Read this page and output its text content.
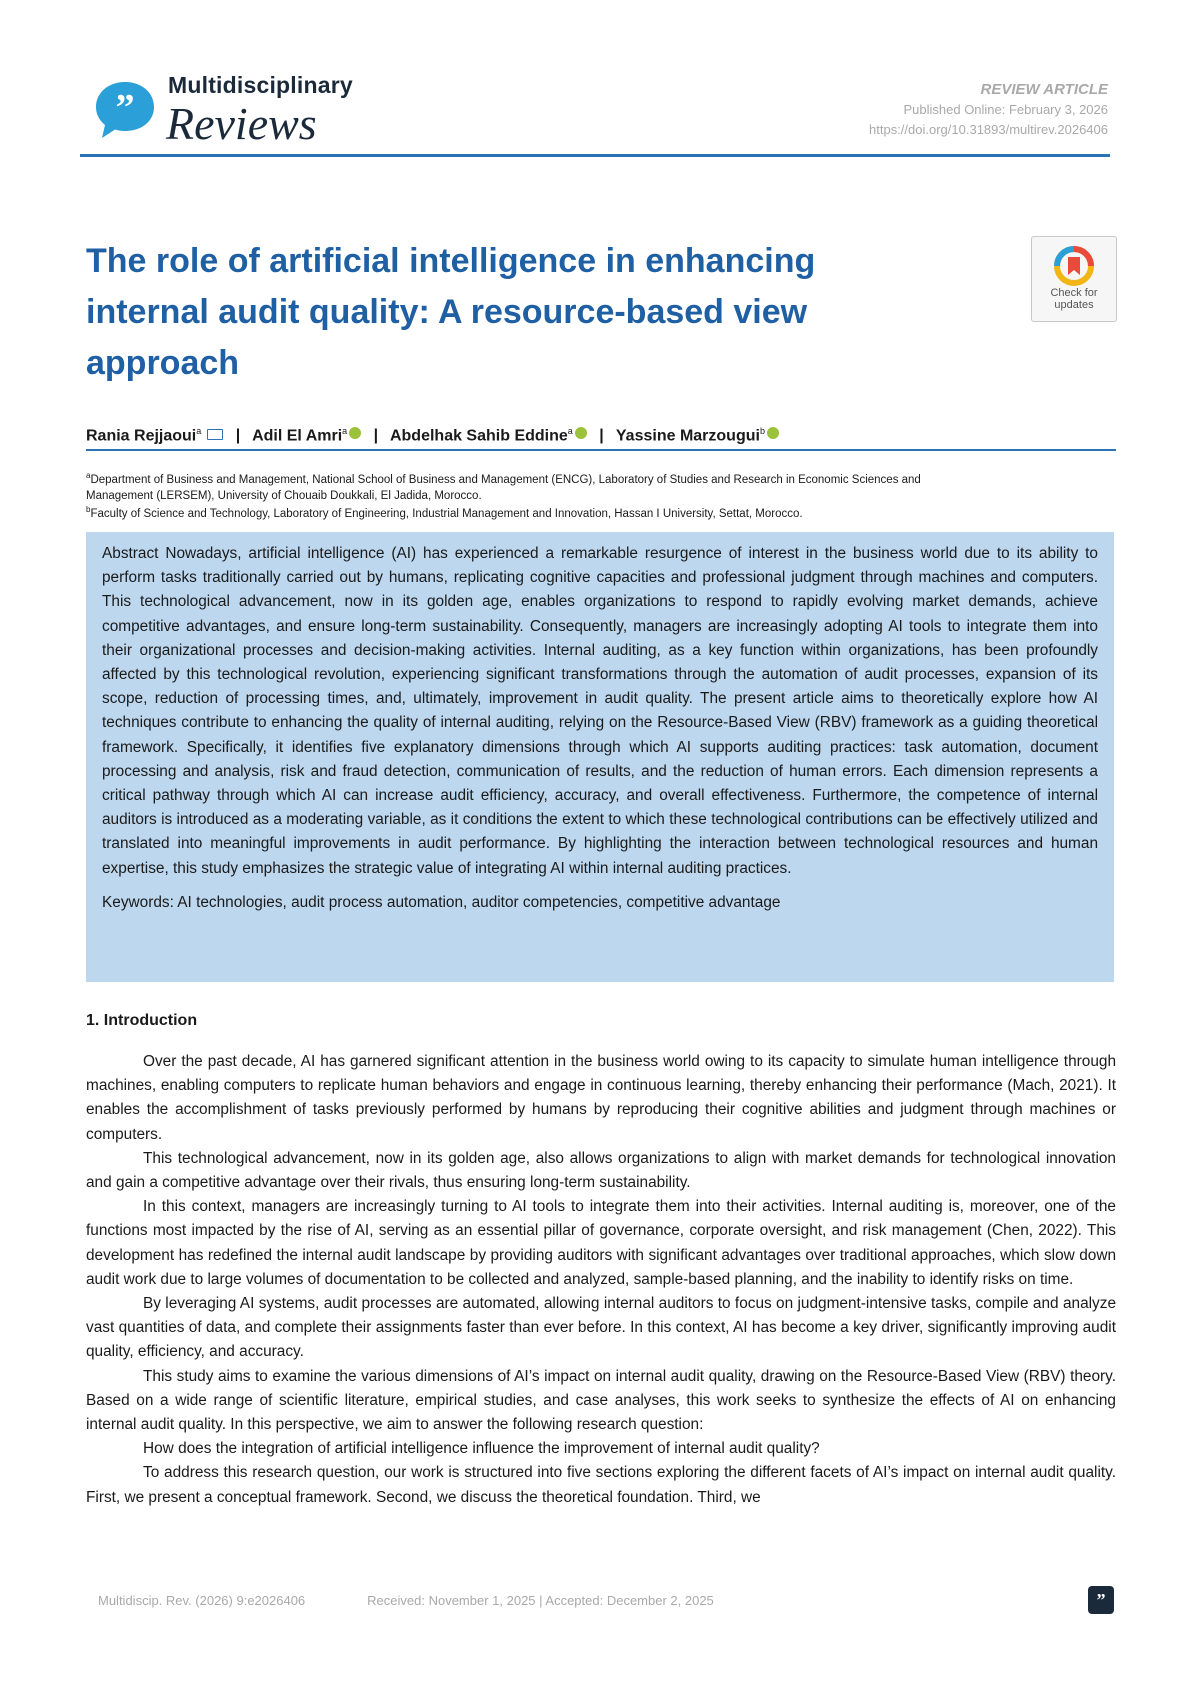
”
Multidisciplinary
Reviews
REVIEW ARTICLE
Published Online: February 3, 2026
https://doi.org/10.31893/multirev.2026406
The role of artificial intelligence in enhancing internal audit quality: A resource-based view approach
Check for
updates
Rania Rejjaoui$^a$ | Adil El Amri$^a$ | Abdelhak Sahib Eddine$^a$ | Yassine Marzougui$^b$
$^a$Department of Business and Management, National School of Business and Management (ENCG), Laboratory of Studies and Research in Economic Sciences and
Management (LERSEM), University of Chouaib Doukkali, El Jadida, Morocco.
$^b$Faculty of Science and Technology, Laboratory of Engineering, Industrial Management and Innovation, Hassan I University, Settat, Morocco.
Abstract Nowadays, artificial intelligence (AI) has experienced a remarkable resurgence of interest in the business world due to its ability to perform tasks traditionally carried out by humans, replicating cognitive capacities and professional judgment through machines and computers. This technological advancement, now in its golden age, enables organizations to respond to rapidly evolving market demands, achieve competitive advantages, and ensure long-term sustainability. Consequently, managers are increasingly adopting AI tools to integrate them into their organizational processes and decision-making activities. Internal auditing, as a key function within organizations, has been profoundly affected by this technological revolution, experiencing significant transformations through the automation of audit processes, expansion of its scope, reduction of processing times, and, ultimately, improvement in audit quality. The present article aims to theoretically explore how AI techniques contribute to enhancing the quality of internal auditing, relying on the Resource-Based View (RBV) framework as a guiding theoretical framework. Specifically, it identifies five explanatory dimensions through which AI supports auditing practices: task automation, document processing and analysis, risk and fraud detection, communication of results, and the reduction of human errors. Each dimension represents a critical pathway through which AI can increase audit efficiency, accuracy, and overall effectiveness. Furthermore, the competence of internal auditors is introduced as a moderating variable, as it conditions the extent to which these technological contributions can be effectively utilized and translated into meaningful improvements in audit performance. By highlighting the interaction between technological resources and human expertise, this study emphasizes the strategic value of integrating AI within internal auditing practices.
Keywords: AI technologies, audit process automation, auditor competencies, competitive advantage
1. Introduction

Over the past decade, AI has garnered significant attention in the business world owing to its capacity to simulate human intelligence through machines, enabling computers to replicate human behaviors and engage in continuous learning, thereby enhancing their performance (Mach, 2021). It enables the accomplishment of tasks previously performed by humans by reproducing their cognitive abilities and judgment through machines or computers.

This technological advancement, now in its golden age, also allows organizations to align with market demands for technological innovation and gain a competitive advantage over their rivals, thus ensuring long-term sustainability.

In this context, managers are increasingly turning to AI tools to integrate them into their activities. Internal auditing is, moreover, one of the functions most impacted by the rise of AI, serving as an essential pillar of governance, corporate oversight, and risk management (Chen, 2022). This development has redefined the internal audit landscape by providing auditors with significant advantages over traditional approaches, which slow down audit work due to large volumes of documentation to be collected and analyzed, sample-based planning, and the inability to identify risks on time.

By leveraging AI systems, audit processes are automated, allowing internal auditors to focus on judgment-intensive tasks, compile and analyze vast quantities of data, and complete their assignments faster than ever before. In this context, AI has become a key driver, significantly improving audit quality, efficiency, and accuracy.

This study aims to examine the various dimensions of AI’s impact on internal audit quality, drawing on the Resource-Based View (RBV) theory. Based on a wide range of scientific literature, empirical studies, and case analyses, this work seeks to synthesize the effects of AI on enhancing internal audit quality. In this perspective, we aim to answer the following research question:

How does the integration of artificial intelligence influence the improvement of internal audit quality?

To address this research question, our work is structured into five sections exploring the different facets of AI’s impact on internal audit quality. First, we present a conceptual framework. Second, we discuss the theoretical foundation. Third, we

Multidiscip. Rev. (2026) 9:e2026406	Received: November 1, 2025 | Accepted: December 2, 2025	”
